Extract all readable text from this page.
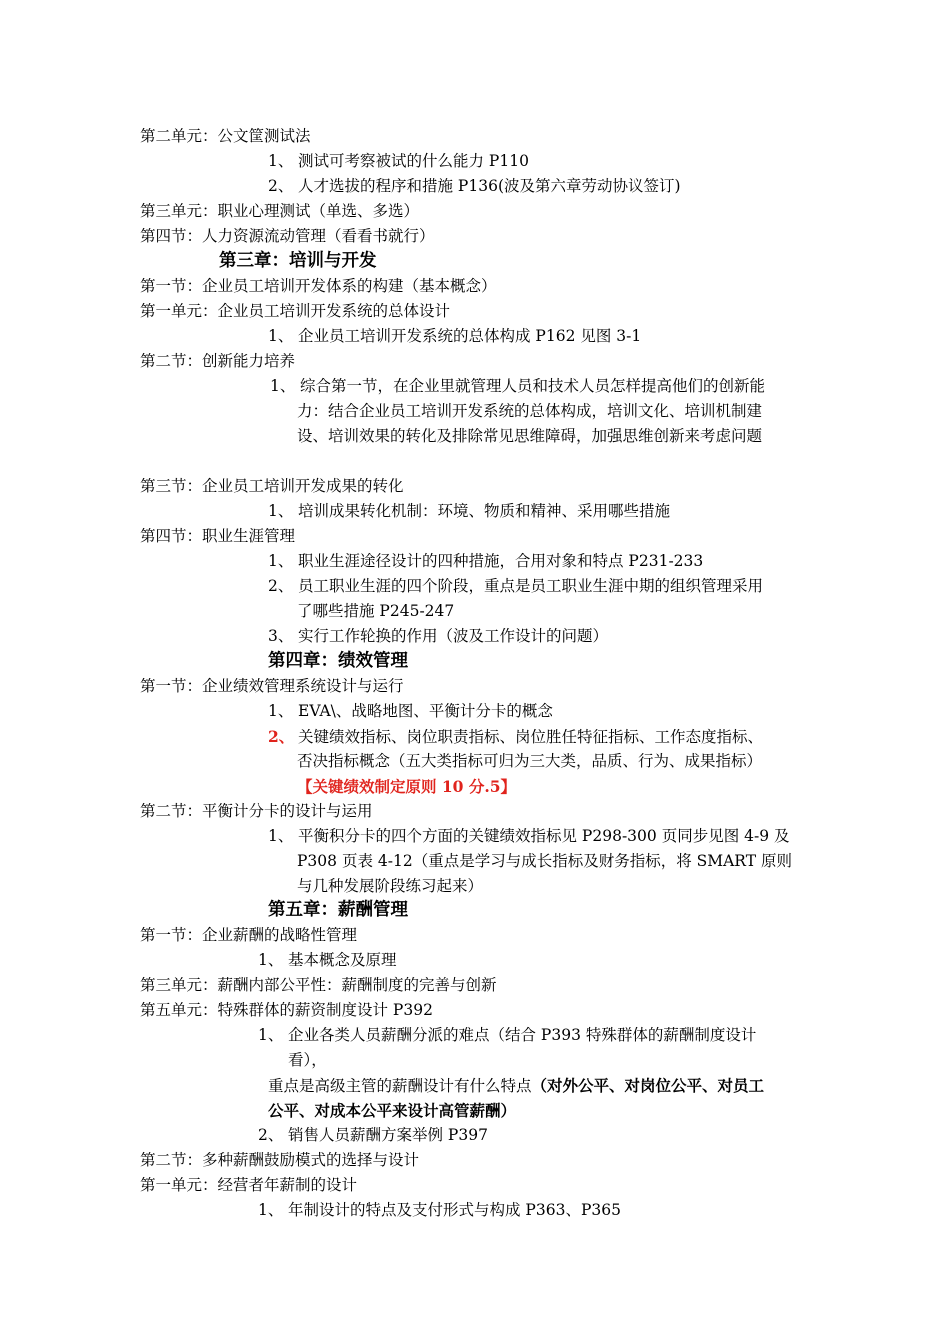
第二单元：公文筐测试法
1、 测试可考察被试的什么能力 P110
2、 人才选拔的程序和措施 P136(波及第六章劳动协议签订)
第三单元：职业心理测试（单选、多选）
第四节：人力资源流动管理（看看书就行）
第三章：培训与开发
第一节：企业员工培训开发体系的构建（基本概念）
第一单元：企业员工培训开发系统的总体设计
1、 企业员工培训开发系统的总体构成 P162 见图 3-1
第二节：创新能力培养
1、 综合第一节，在企业里就管理人员和技术人员怎样提高他们的创新能
力：结合企业员工培训开发系统的总体构成，培训文化、培训机制建
设、培训效果的转化及排除常见思维障碍，加强思维创新来考虑问题
第三节：企业员工培训开发成果的转化
1、 培训成果转化机制：环境、物质和精神、采用哪些措施
第四节：职业生涯管理
1、 职业生涯途径设计的四种措施，合用对象和特点 P231-233
2、 员工职业生涯的四个阶段，重点是员工职业生涯中期的组织管理采用
了哪些措施 P245-247
3、 实行工作轮换的作用（波及工作设计的问题）
第四章：绩效管理
第一节：企业绩效管理系统设计与运行
1、 EVA\、战略地图、平衡计分卡的概念
2、 关键绩效指标、岗位职责指标、岗位胜任特征指标、工作态度指标、
否决指标概念（五大类指标可归为三大类，品质、行为、成果指标）
【关键绩效制定原则 10 分.5】
第二节：平衡计分卡的设计与运用
1、 平衡积分卡的四个方面的关键绩效指标见 P298-300 页同步见图 4-9 及
P308 页表 4-12（重点是学习与成长指标及财务指标，将 SMART 原则
与几种发展阶段练习起来）
第五章：薪酬管理
第一节：企业薪酬的战略性管理
1、 基本概念及原理
第三单元：薪酬内部公平性：薪酬制度的完善与创新
第五单元：特殊群体的薪资制度设计 P392
1、 企业各类人员薪酬分派的难点（结合 P393 特殊群体的薪酬制度设计
看），
重点是高级主管的薪酬设计有什么特点（对外公平、对岗位公平、对员工
公平、对成本公平来设计高管薪酬）
2、 销售人员薪酬方案举例 P397
第二节：多种薪酬鼓励模式的选择与设计
第一单元：经营者年薪制的设计
1、 年制设计的特点及支付形式与构成 P363、P365
